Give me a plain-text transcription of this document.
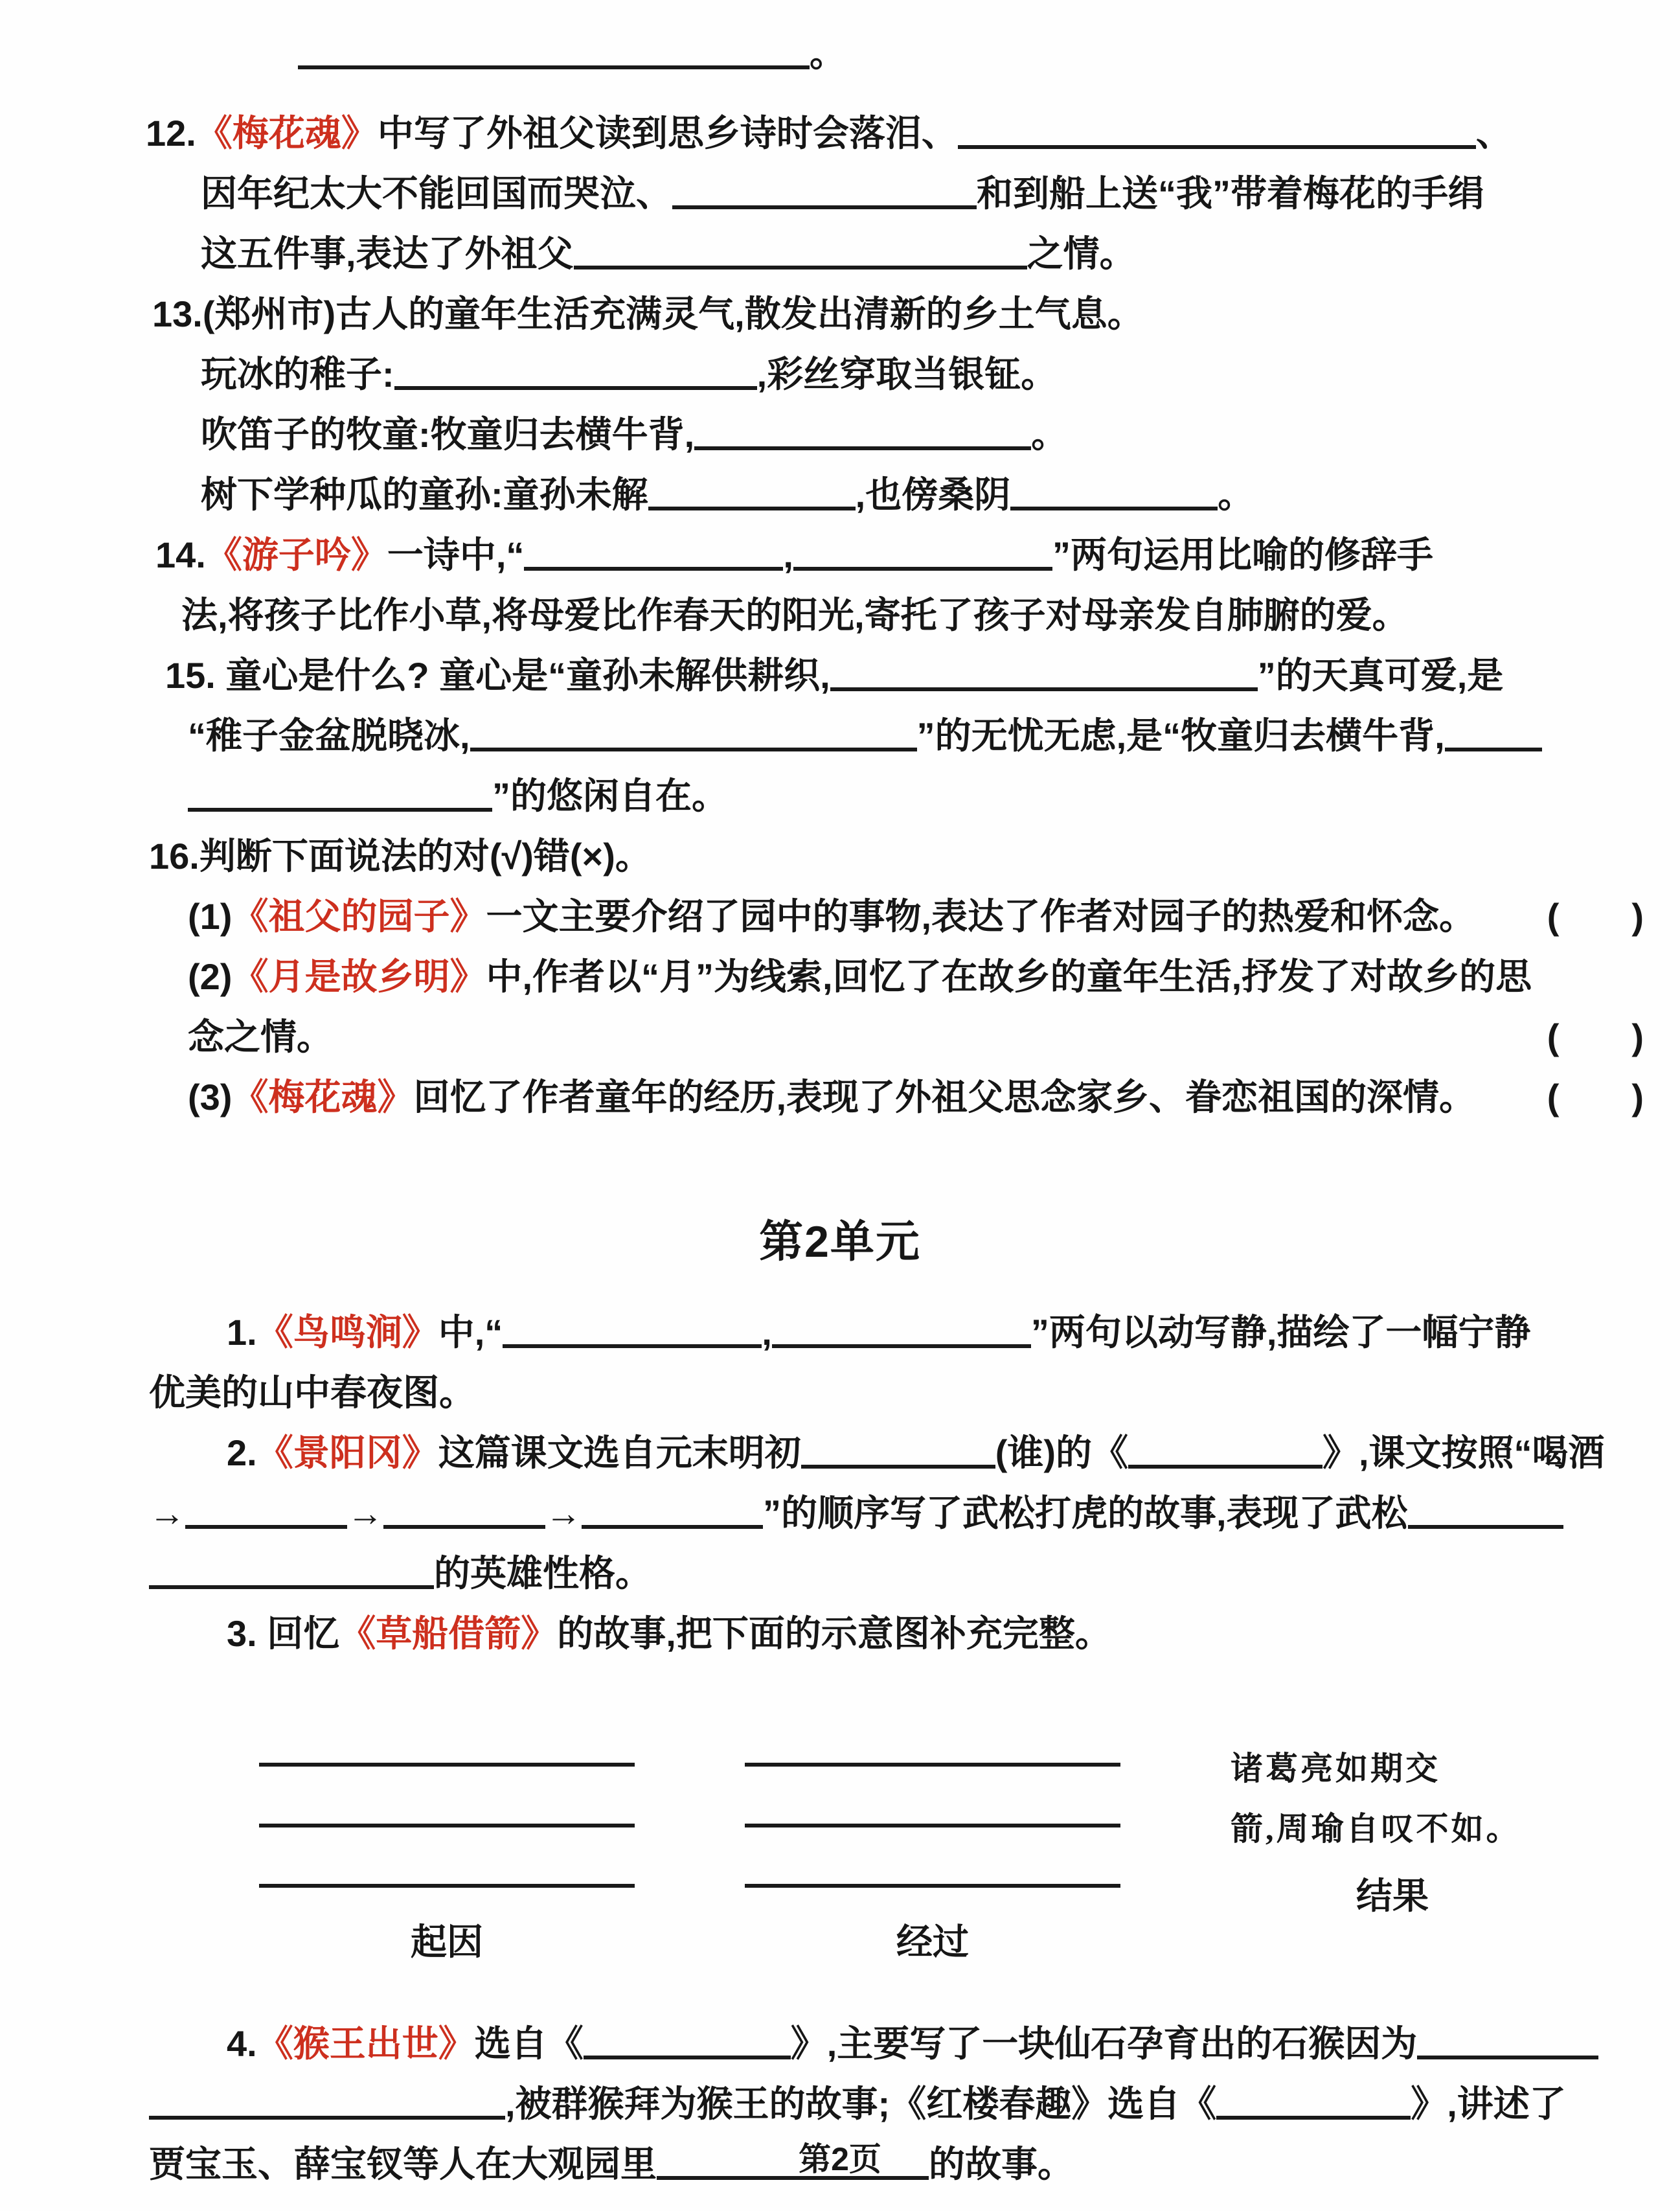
。
12. 《梅花魂》 中写了外祖父读到思乡诗时会落泪、	、
因年纪太大不能回国而哭泣、	和到船上送“我”带着梅花的手绢
这五件事,表达了外祖父	之情。
13.(郑州市)古人的童年生活充满灵气,散发出清新的乡土气息。
玩冰的稚子:	,彩丝穿取当银钲。
吹笛子的牧童:牧童归去横牛背,	。
树下学种瓜的童孙:童孙未解	,也傍桑阴	。
14. 《游子吟》 一诗中,“	,	”两句运用比喻的修辞手
法,将孩子比作小草,将母爱比作春天的阳光,寄托了孩子对母亲发自肺腑的爱。
15. 童心是什么? 童心是“童孙未解供耕织,	”的天真可爱,是
“稚子金盆脱晓冰,	”的无忧无虑,是“牧童归去横牛背,
”的悠闲自在。
16.判断下面说法的对(√)错(×)。
(1) 《祖父的园子》 一文主要介绍了园中的事物,表达了作者对园子的热爱和怀念。 (　　)　
(2) 《月是故乡明》 中,作者以“月”为线索,回忆了在故乡的童年生活,抒发了对故乡的思
念之情。	(　　)　
(3) 《梅花魂》 回忆了作者童年的经历,表现了外祖父思念家乡、眷恋祖国的深情。 (　　)　
第2单元
1. 《鸟鸣涧》 中,“	,	”两句以动写静,描绘了一幅宁静
优美的山中春夜图。
2. 《景阳冈》 这篇课文选自元末明初	(谁)的《	》,课文按照“喝酒
→	→	→	”的顺序写了武松打虎的故事,表现了武松
的英雄性格。
3. 回忆 《草船借箭》 的故事,把下面的示意图补充完整。
起因	经过
诸葛亮如期交
箭,周瑜自叹不如。
结果
4. 《猴王出世》 选自《	》,主要写了一块仙石孕育出的石猴因为
,被群猴拜为猴王的故事;《红楼春趣》选自《	》,讲述了
贾宝玉、薛宝钗等人在大观园里	的故事。
第2页
